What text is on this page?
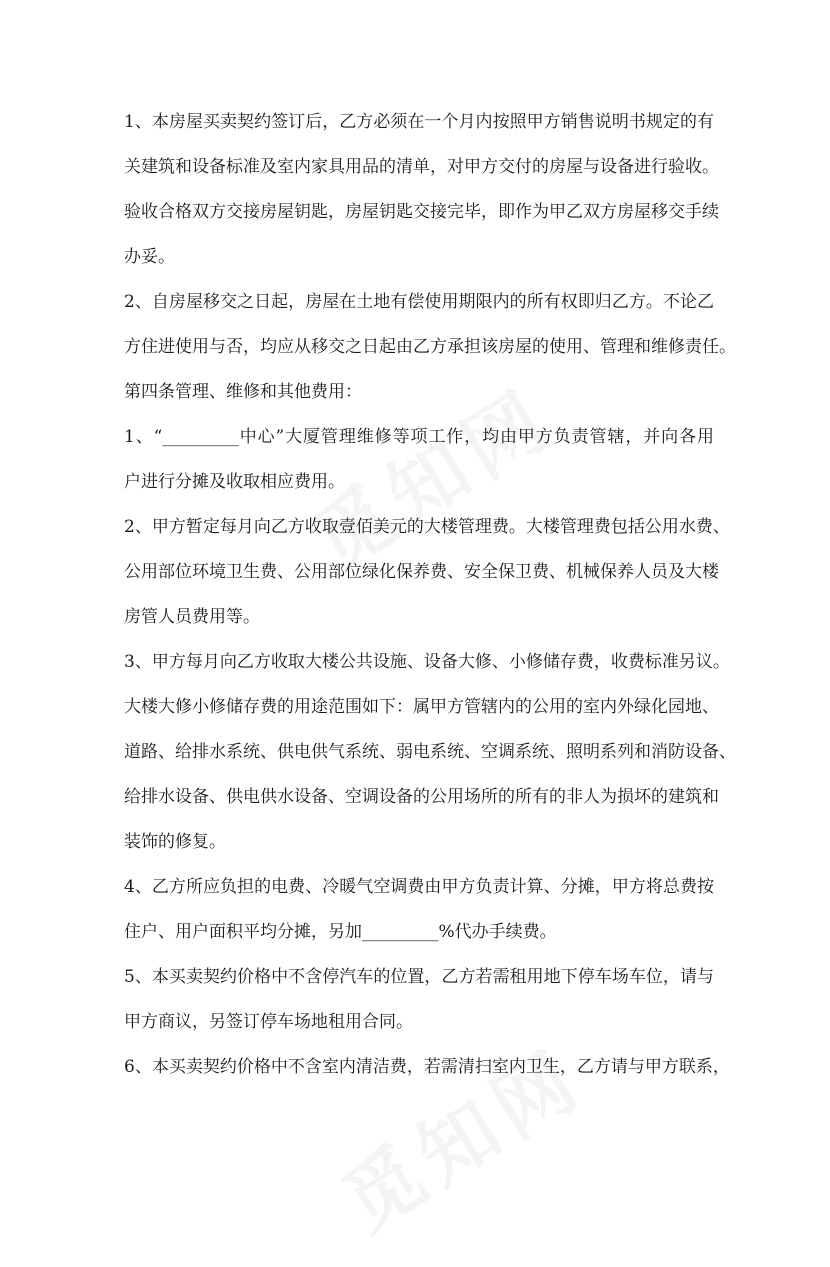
1、本房屋买卖契约签订后，乙方必须在一个月内按照甲方销售说明书规定的有
关建筑和设备标准及室内家具用品的清单，对甲方交付的房屋与设备进行验收。
验收合格双方交接房屋钥匙，房屋钥匙交接完毕，即作为甲乙双方房屋移交手续
办妥。
2、自房屋移交之日起，房屋在土地有偿使用期限内的所有权即归乙方。不论乙
方住进使用与否，均应从移交之日起由乙方承担该房屋的使用、管理和维修责任。
第四条管理、维修和其他费用：
1、“_________中心”大厦管理维修等项工作，均由甲方负责管辖，并向各用
户进行分摊及收取相应费用。
2、甲方暂定每月向乙方收取壹佰美元的大楼管理费。大楼管理费包括公用水费、
公用部位环境卫生费、公用部位绿化保养费、安全保卫费、机械保养人员及大楼
房管人员费用等。
3、甲方每月向乙方收取大楼公共设施、设备大修、小修储存费，收费标准另议。
大楼大修小修储存费的用途范围如下：属甲方管辖内的公用的室内外绿化园地、
道路、给排水系统、供电供气系统、弱电系统、空调系统、照明系列和消防设备、
给排水设备、供电供水设备、空调设备的公用场所的所有的非人为损坏的建筑和
装饰的修复。
4、乙方所应负担的电费、冷暖气空调费由甲方负责计算、分摊，甲方将总费按
住户、用户面积平均分摊，另加_________%代办手续费。
5、本买卖契约价格中不含停汽车的位置，乙方若需租用地下停车场车位，请与
甲方商议，另签订停车场地租用合同。
6、本买卖契约价格中不含室内清洁费，若需清扫室内卫生，乙方请与甲方联系，
